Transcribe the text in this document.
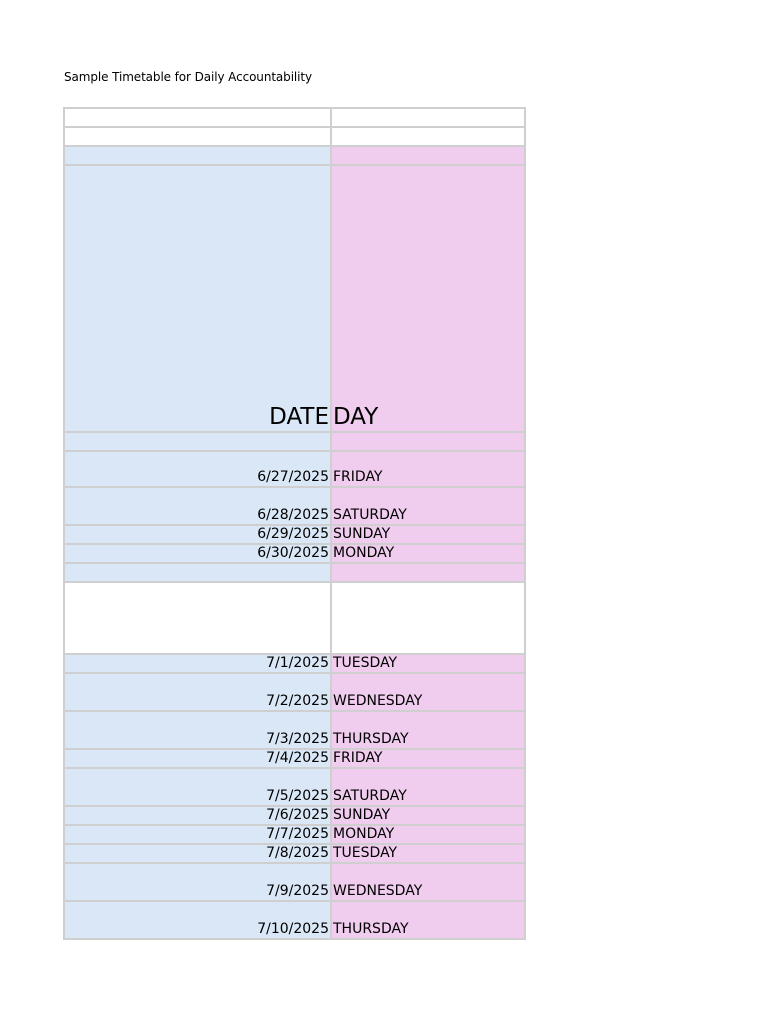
Sample Timetable for Daily Accountability

DATE	DAY

6/27/2025	FRIDAY
6/28/2025	SATURDAY
6/29/2025	SUNDAY
6/30/2025	MONDAY

7/1/2025	TUESDAY
7/2/2025	WEDNESDAY
7/3/2025	THURSDAY
7/4/2025	FRIDAY
7/5/2025	SATURDAY
7/6/2025	SUNDAY
7/7/2025	MONDAY
7/8/2025	TUESDAY
7/9/2025	WEDNESDAY
7/10/2025	THURSDAY
